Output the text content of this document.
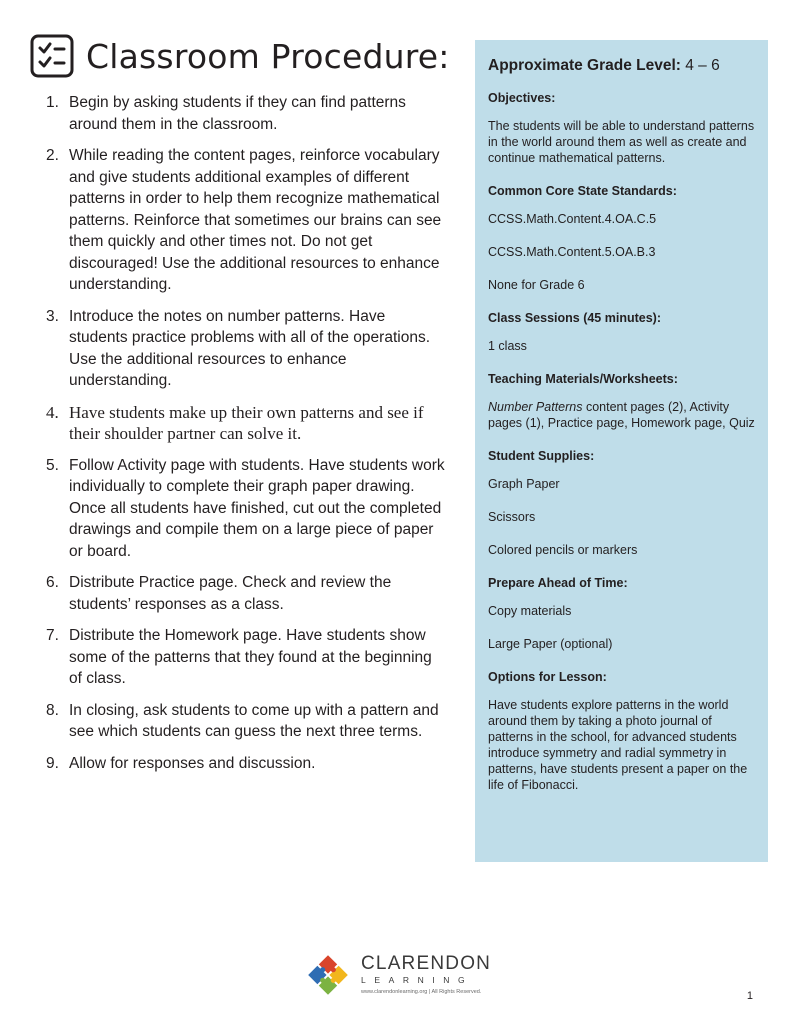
Classroom Procedure:
1. Begin by asking students if they can find patterns around them in the classroom.
2. While reading the content pages, reinforce vocabulary and give students additional examples of different patterns in order to help them recognize mathematical patterns. Reinforce that sometimes our brains can see them quickly and other times not. Do not get discouraged! Use the additional resources to enhance understanding.
3. Introduce the notes on number patterns. Have students practice problems with all of the operations. Use the additional resources to enhance understanding.
4. Have students make up their own patterns and see if their shoulder partner can solve it.
5. Follow Activity page with students. Have students work individually to complete their graph paper drawing. Once all students have finished, cut out the completed drawings and compile them on a large piece of paper or board.
6. Distribute Practice page. Check and review the students’ responses as a class.
7. Distribute the Homework page. Have students show some of the patterns that they found at the beginning of class.
8. In closing, ask students to come up with a pattern and see which students can guess the next three terms.
9. Allow for responses and discussion.
Approximate Grade Level: 4 – 6
Objectives:
The students will be able to understand patterns in the world around them as well as create and continue mathematical patterns.
Common Core State Standards:
CCSS.Math.Content.4.OA.C.5
CCSS.Math.Content.5.OA.B.3
None for Grade 6
Class Sessions (45 minutes):
1 class
Teaching Materials/Worksheets:
Number Patterns content pages (2), Activity pages (1), Practice page, Homework page, Quiz
Student Supplies:
Graph Paper
Scissors
Colored pencils or markers
Prepare Ahead of Time:
Copy materials
Large Paper (optional)
Options for Lesson:
Have students explore patterns in the world around them by taking a photo journal of patterns in the school, for advanced students introduce symmetry and radial symmetry in patterns, have students present a paper on the life of Fibonacci.
CLARENDON
LEARNING
www.clarendonlearning.org | All Rights Reserved.	1
